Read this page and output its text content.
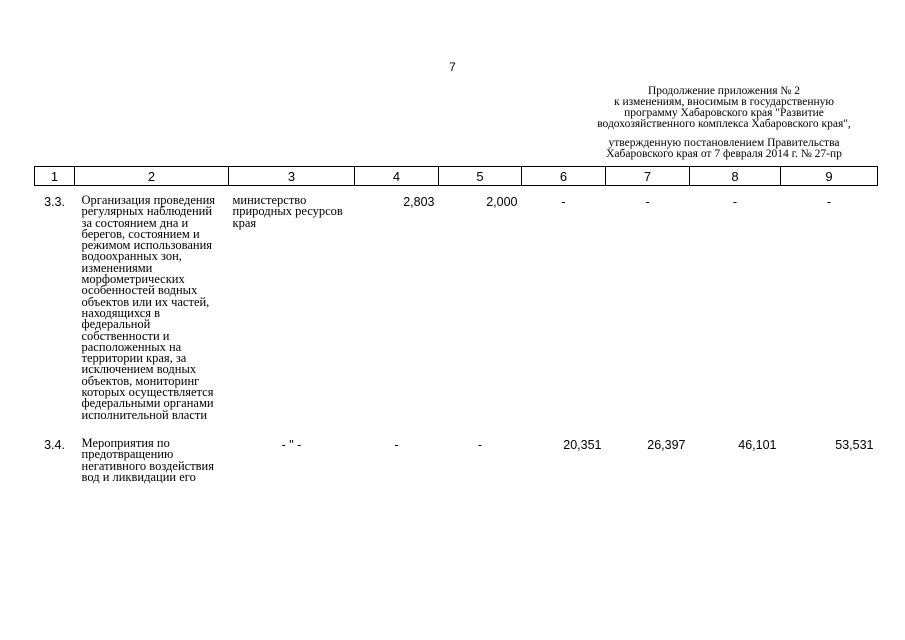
7
Продолжение приложения № 2
к изменениям, вносимым в государственную
программу Хабаровского края "Развитие
водохозяйственного комплекса Хабаровского края",
утвержденную постановлением Правительства
Хабаровского края от 7 февраля 2014 г. № 27-пр
1	2	3	4	5	6	7	8	9
3.3.	Организация проведения регулярных наблюдений за состоянием дна и берегов, состоянием и режимом использования водоохранных зон, изменениями морфометрических особенностей водных объектов или их частей, находящихся в федеральной собственности и расположенных на территории края, за исключением водных объектов, мониторинг которых осуществляется федеральными органами исполнительной власти	министерство природных ресурсов края	2,803	2,000	-	-	-	-
3.4.	Мероприятия по предотвращению негативного воздействия вод и ликвидации его	- " -	-	-	20,351	26,397	46,101	53,531
